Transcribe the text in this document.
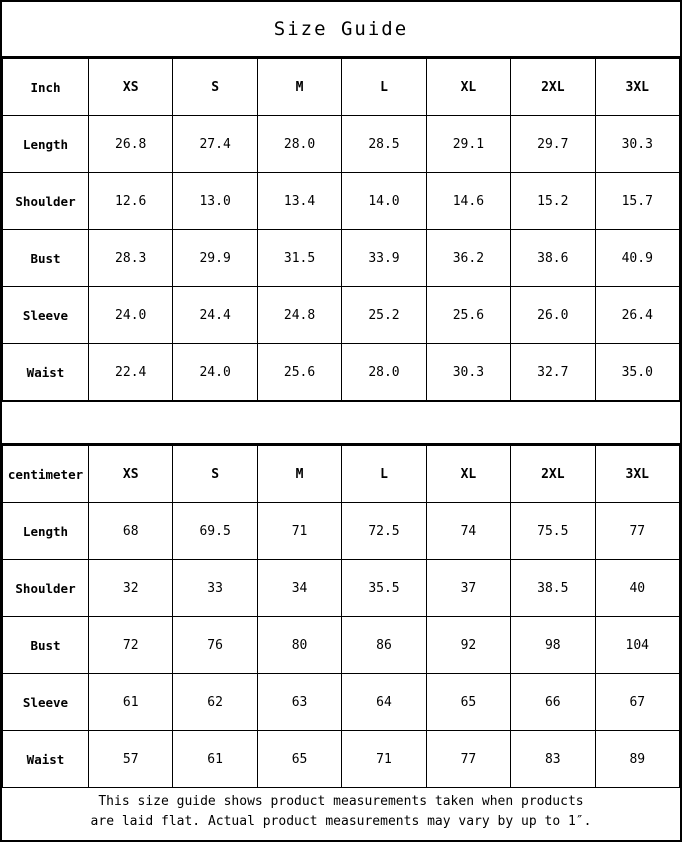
Size Guide
Inch	XS	S	M	L	XL	2XL	3XL
Length	26.8	27.4	28.0	28.5	29.1	29.7	30.3
Shoulder	12.6	13.0	13.4	14.0	14.6	15.2	15.7
Bust	28.3	29.9	31.5	33.9	36.2	38.6	40.9
Sleeve	24.0	24.4	24.8	25.2	25.6	26.0	26.4
Waist	22.4	24.0	25.6	28.0	30.3	32.7	35.0
centimeter	XS	S	M	L	XL	2XL	3XL
Length	68	69.5	71	72.5	74	75.5	77
Shoulder	32	33	34	35.5	37	38.5	40
Bust	72	76	80	86	92	98	104
Sleeve	61	62	63	64	65	66	67
Waist	57	61	65	71	77	83	89
This size guide shows product measurements taken when products
are laid flat. Actual product measurements may vary by up to 1″.
